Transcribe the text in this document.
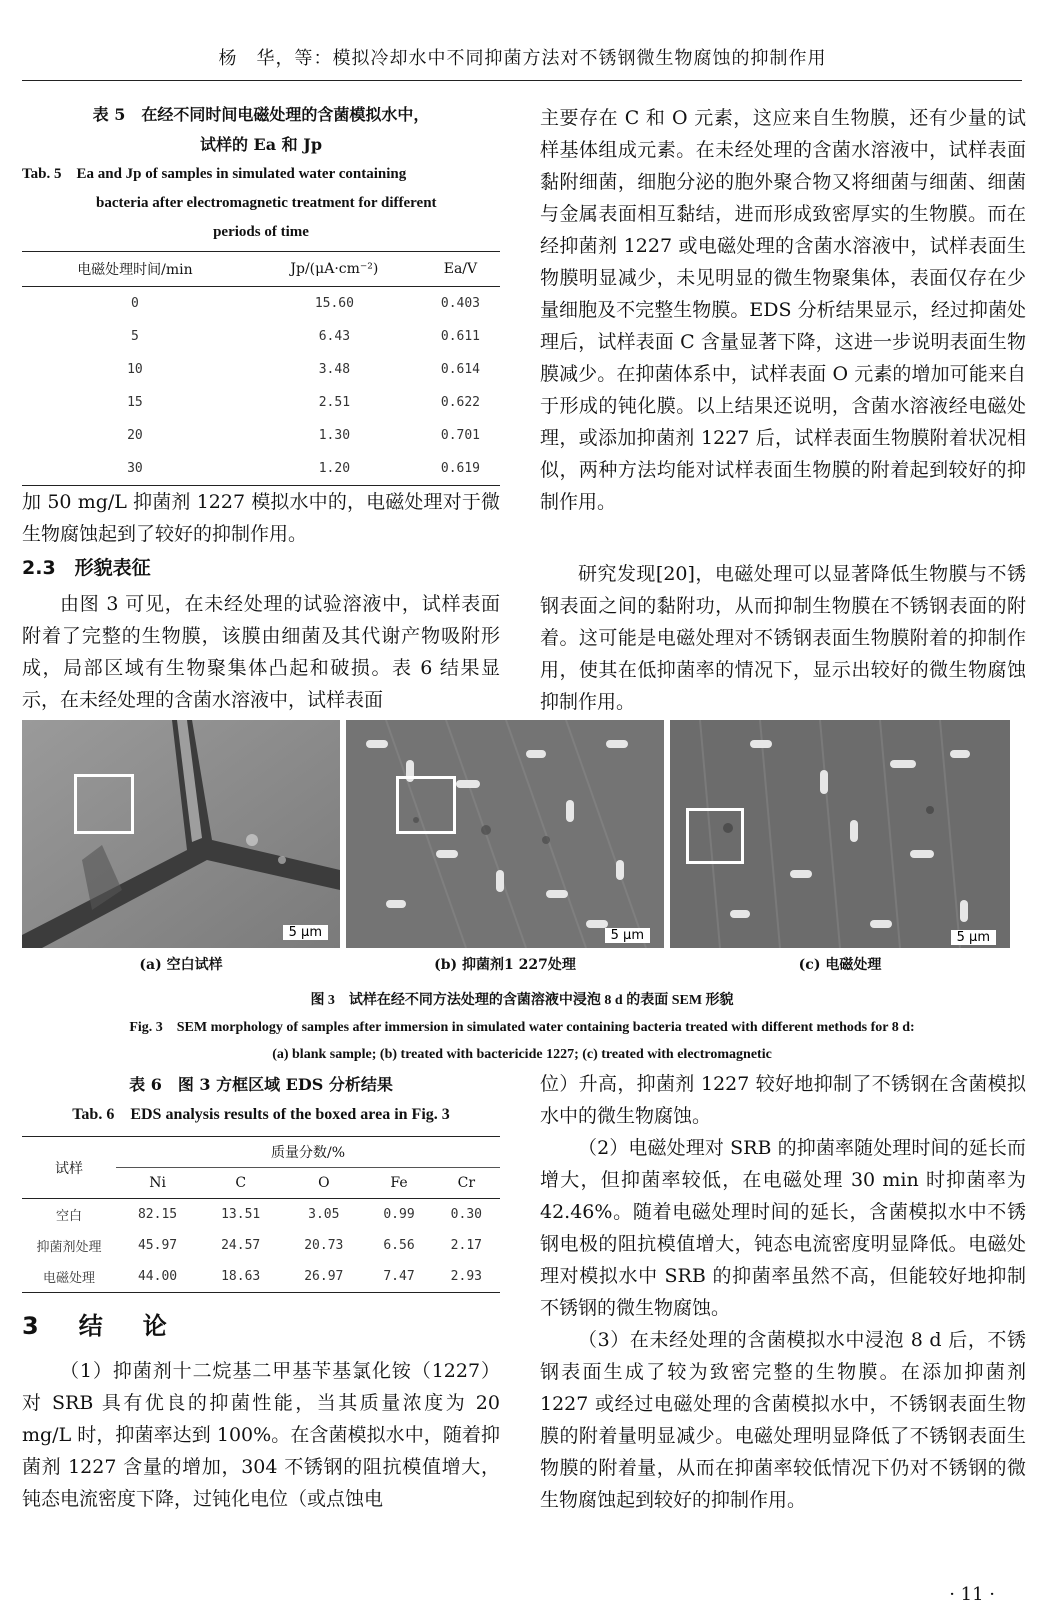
杨　华，等：模拟冷却水中不同抑菌方法对不锈钢微生物腐蚀的抑制作用
表 5　在经不同时间电磁处理的含菌模拟水中，
试样的 Ea 和 Jp
Tab. 5　Ea and Jp of samples in simulated water containing
bacteria after electromagnetic treatment for different
periods of time
电磁处理时间/min	Jp/(μA·cm⁻²)	Ea/V
0	15.60	0.403
5	6.43	0.611
10	3.48	0.614
15	2.51	0.622
20	1.30	0.701
30	1.20	0.619
加 50 mg/L 抑菌剂 1227 模拟水中的，电磁处理对于微生物腐蚀起到了较好的抑制作用。
2.3　形貌表征
由图 3 可见，在未经处理的试验溶液中，试样表面附着了完整的生物膜，该膜由细菌及其代谢产物吸附形成，局部区域有生物聚集体凸起和破损。表 6 结果显示，在未经处理的含菌水溶液中，试样表面
主要存在 C 和 O 元素，这应来自生物膜，还有少量的试样基体组成元素。在未经处理的含菌水溶液中，试样表面黏附细菌，细胞分泌的胞外聚合物又将细菌与细菌、细菌与金属表面相互黏结，进而形成致密厚实的生物膜。而在经抑菌剂 1227 或电磁处理的含菌水溶液中，试样表面生物膜明显减少，未见明显的微生物聚集体，表面仅存在少量细胞及不完整生物膜。EDS 分析结果显示，经过抑菌处理后，试样表面 C 含量显著下降，这进一步说明表面生物膜减少。在抑菌体系中，试样表面 O 元素的增加可能来自于形成的钝化膜。以上结果还说明，含菌水溶液经电磁处理，或添加抑菌剂 1227 后，试样表面生物膜附着状况相似，两种方法均能对试样表面生物膜的附着起到较好的抑制作用。
研究发现[20]，电磁处理可以显著降低生物膜与不锈钢表面之间的黏附功，从而抑制生物膜在不锈钢表面的附着。这可能是电磁处理对不锈钢表面生物膜附着的抑制作用，使其在低抑菌率的情况下，显示出较好的微生物腐蚀抑制作用。
5 μm
(a) 空白试样
5 μm
(b) 抑菌剂1 227处理
5 μm
(c) 电磁处理
图 3　试样在经不同方法处理的含菌溶液中浸泡 8 d 的表面 SEM 形貌
Fig. 3　SEM morphology of samples after immersion in simulated water containing bacteria treated with different methods for 8 d:
(a) blank sample; (b) treated with bactericide 1227; (c) treated with electromagnetic
表 6　图 3 方框区域 EDS 分析结果
Tab. 6　EDS analysis results of the boxed area in Fig. 3
试样	质量分数/%				
	Ni	C	O	Fe	Cr
空白	82.15	13.51	3.05	0.99	0.30
抑菌剂处理	45.97	24.57	20.73	6.56	2.17
电磁处理	44.00	18.63	26.97	7.47	2.93
3　结　论
（1）抑菌剂十二烷基二甲基苄基氯化铵（1227）对 SRB 具有优良的抑菌性能，当其质量浓度为 20 mg/L 时，抑菌率达到 100%。在含菌模拟水中，随着抑菌剂 1227 含量的增加，304 不锈钢的阻抗模值增大，钝态电流密度下降，过钝化电位（或点蚀电
位）升高，抑菌剂 1227 较好地抑制了不锈钢在含菌模拟水中的微生物腐蚀。
（2）电磁处理对 SRB 的抑菌率随处理时间的延长而增大，但抑菌率较低，在电磁处理 30 min 时抑菌率为 42.46%。随着电磁处理时间的延长，含菌模拟水中不锈钢电极的阻抗模值增大，钝态电流密度明显降低。电磁处理对模拟水中 SRB 的抑菌率虽然不高，但能较好地抑制不锈钢的微生物腐蚀。
（3）在未经处理的含菌模拟水中浸泡 8 d 后，不锈钢表面生成了较为致密完整的生物膜。在添加抑菌剂 1227 或经过电磁处理的含菌模拟水中，不锈钢表面生物膜的附着量明显减少。电磁处理明显降低了不锈钢表面生物膜的附着量，从而在抑菌率较低情况下仍对不锈钢的微生物腐蚀起到较好的抑制作用。
· 11 ·
